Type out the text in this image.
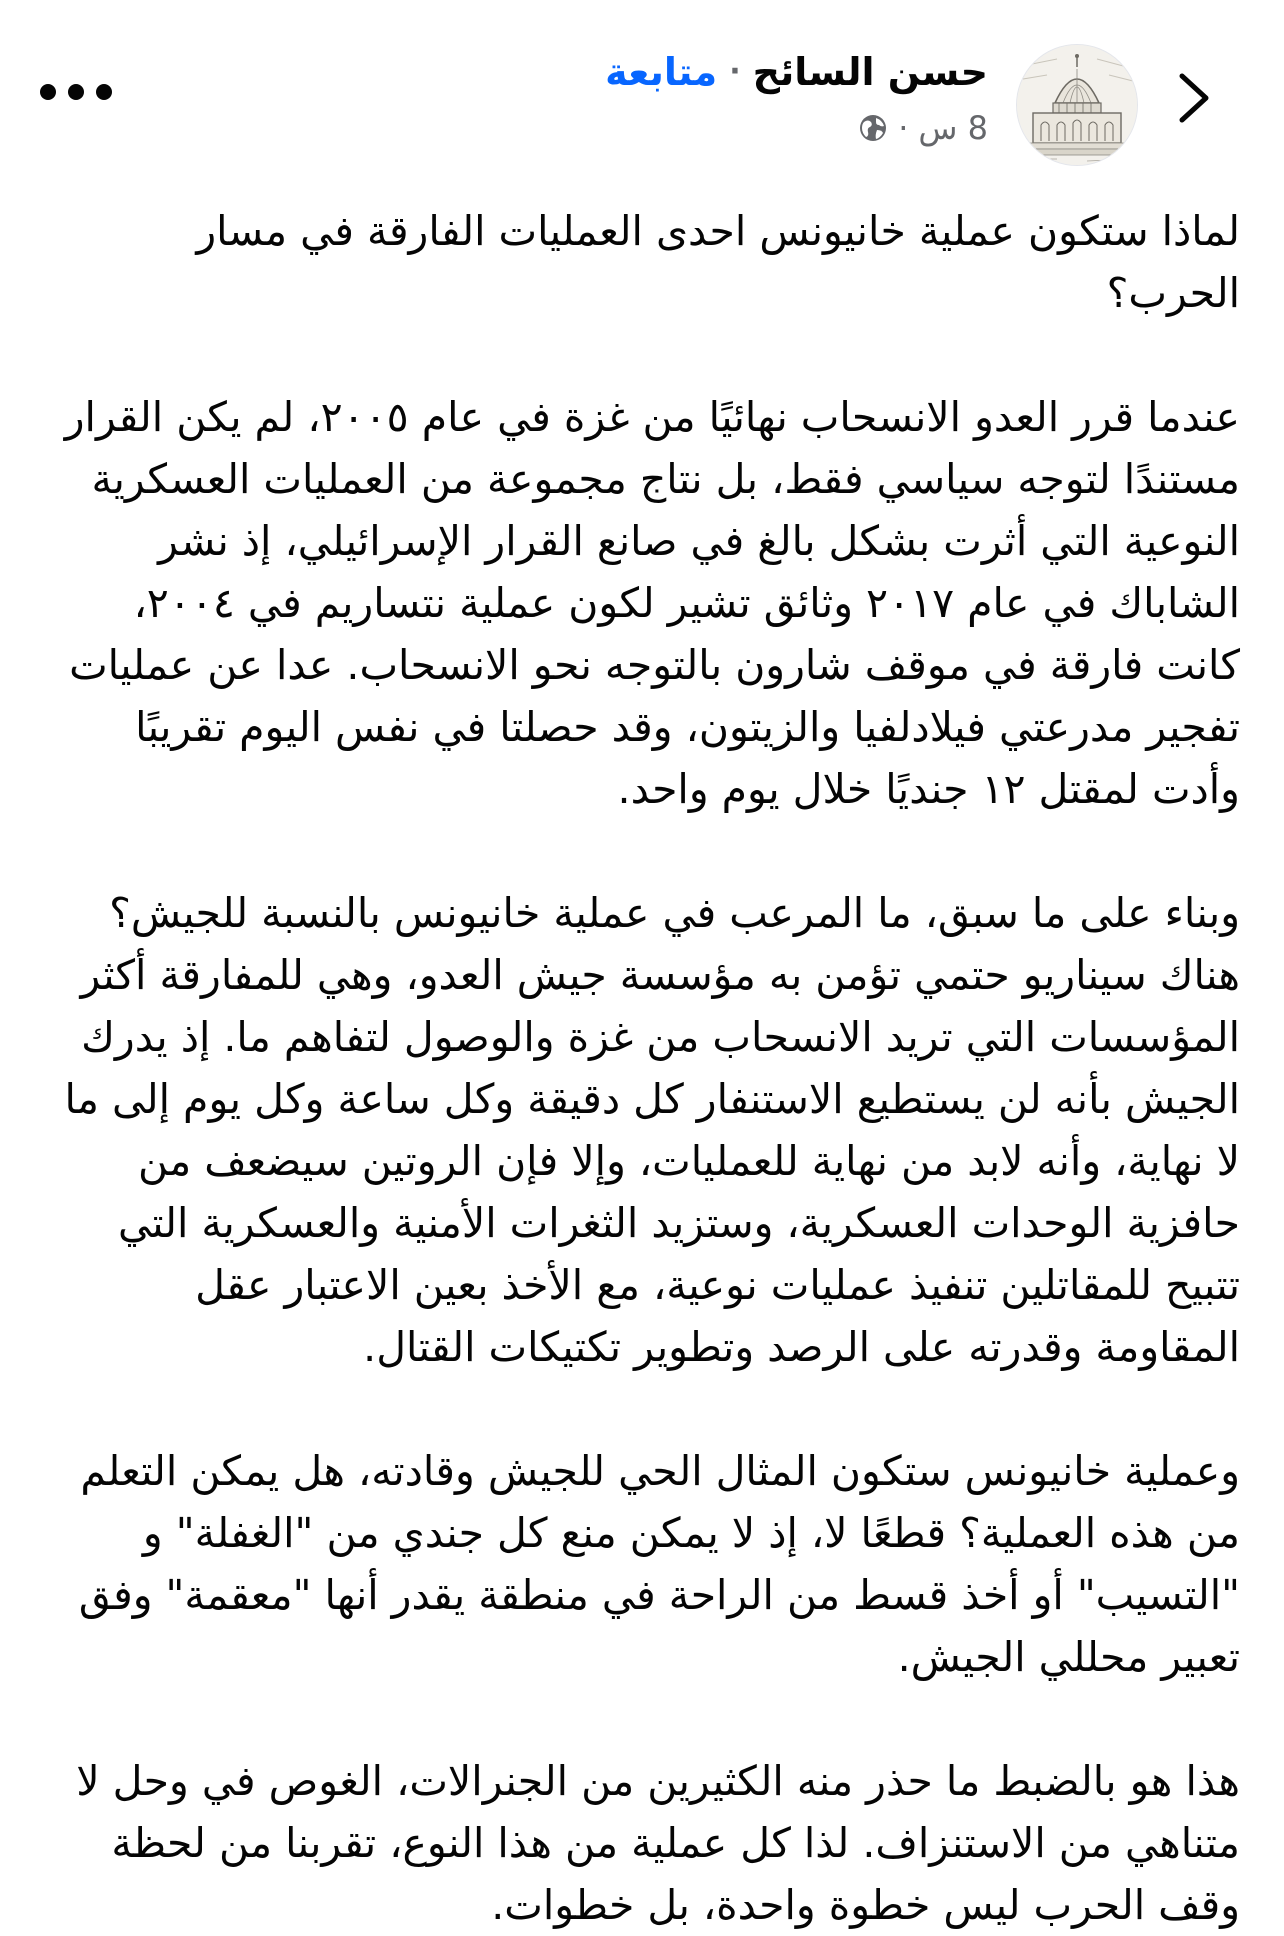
حسن السائح
·
متابعة
8 س
·

لماذا ستكون عملية خانيونس احدى العمليات الفارقة في مسار الحرب؟

عندما قرر العدو الانسحاب نهائيًا من غزة في عام ٢٠٠٥، لم يكن القرار مستندًا لتوجه سياسي فقط، بل نتاج مجموعة من العمليات العسكرية النوعية التي أثرت بشكل بالغ في صانع القرار الإسرائيلي، إذ نشر الشاباك في عام ٢٠١٧ وثائق تشير لكون عملية نتساريم في ٢٠٠٤، كانت فارقة في موقف شارون بالتوجه نحو الانسحاب. عدا عن عمليات تفجير مدرعتي فيلادلفيا والزيتون، وقد حصلتا في نفس اليوم تقريبًا وأدت لمقتل ١٢ جنديًا خلال يوم واحد.

وبناء على ما سبق، ما المرعب في عملية خانيونس بالنسبة للجيش؟
هناك سيناريو حتمي تؤمن به مؤسسة جيش العدو، وهي للمفارقة أكثر المؤسسات التي تريد الانسحاب من غزة والوصول لتفاهم ما. إذ يدرك الجيش بأنه لن يستطيع الاستنفار كل دقيقة وكل ساعة وكل يوم إلى ما لا نهاية، وأنه لابد من نهاية للعمليات، وإلا فإن الروتين سيضعف من حافزية الوحدات العسكرية، وستزيد الثغرات الأمنية والعسكرية التي تتبيح للمقاتلين تنفيذ عمليات نوعية، مع الأخذ بعين الاعتبار عقل المقاومة وقدرته على الرصد وتطوير تكتيكات القتال.

وعملية خانيونس ستكون المثال الحي للجيش وقادته، هل يمكن التعلم من هذه العملية؟ قطعًا لا، إذ لا يمكن منع كل جندي من "الغفلة" و "التسيب" أو أخذ قسط من الراحة في منطقة يقدر أنها "معقمة" وفق تعبير محللي الجيش.

هذا هو بالضبط ما حذر منه الكثيرين من الجنرالات، الغوص في وحل لا متناهي من الاستنزاف. لذا كل عملية من هذا النوع، تقربنا من لحظة وقف الحرب ليس خطوة واحدة، بل خطوات.
